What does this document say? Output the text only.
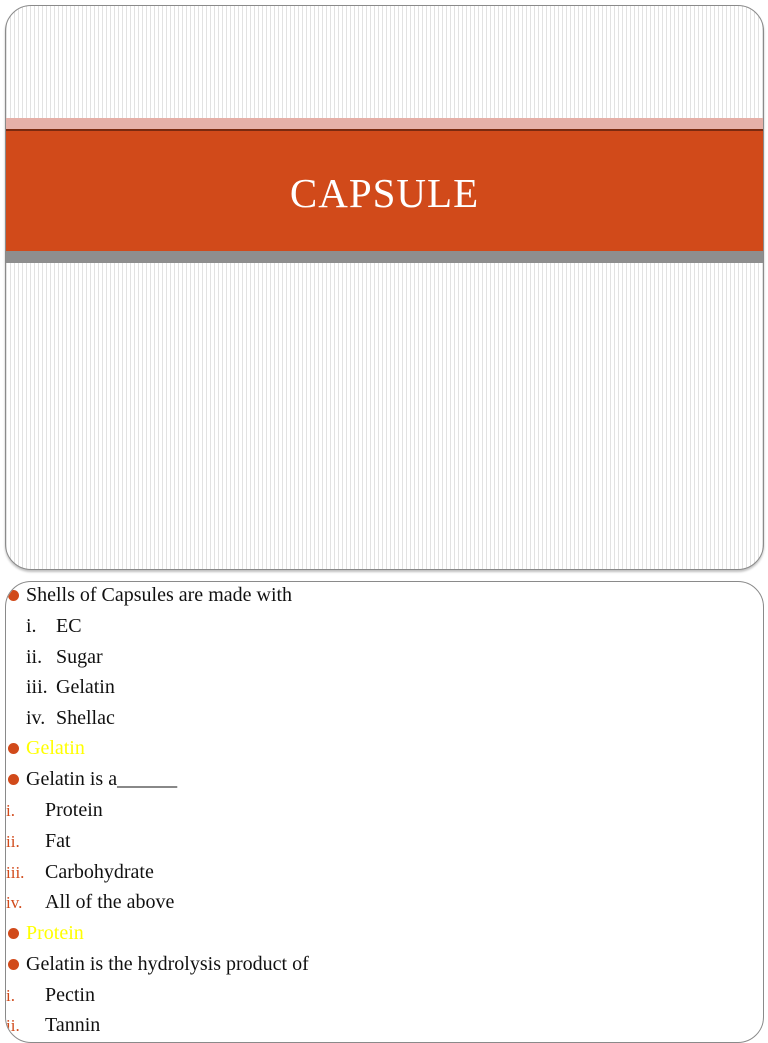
CAPSULE
Shells of Capsules are made with
i. EC
ii. Sugar
iii. Gelatin
iv. Shellac
Gelatin
Gelatin is a______
i. Protein
ii. Fat
iii. Carbohydrate
iv. All of the above
Protein
Gelatin is the hydrolysis product of
i. Pectin
ii. Tannin
